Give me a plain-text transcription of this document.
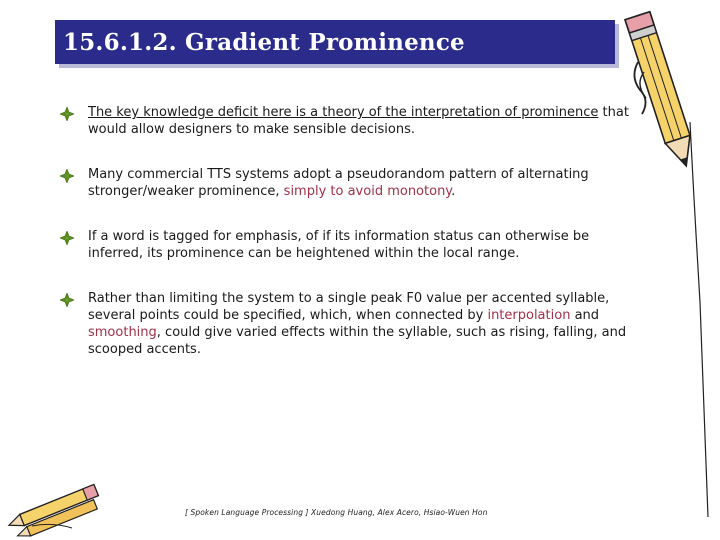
15.6.1.2. Gradient Prominence
The key knowledge deficit here is a theory of the interpretation of prominence that would allow designers to make sensible decisions.
Many commercial TTS systems adopt a pseudorandom pattern of alternating stronger/weaker prominence, simply to avoid monotony.
If a word is tagged for emphasis, of if its information status can otherwise be inferred, its prominence can be heightened within the local range.
Rather than limiting the system to a single peak F0 value per accented syllable, several points could be specified, which, when connected by interpolation and smoothing, could give varied effects within the syllable, such as rising, falling, and scooped accents.
[ Spoken Language Processing ] Xuedong Huang, Alex Acero, Hsiao-Wuen Hon
